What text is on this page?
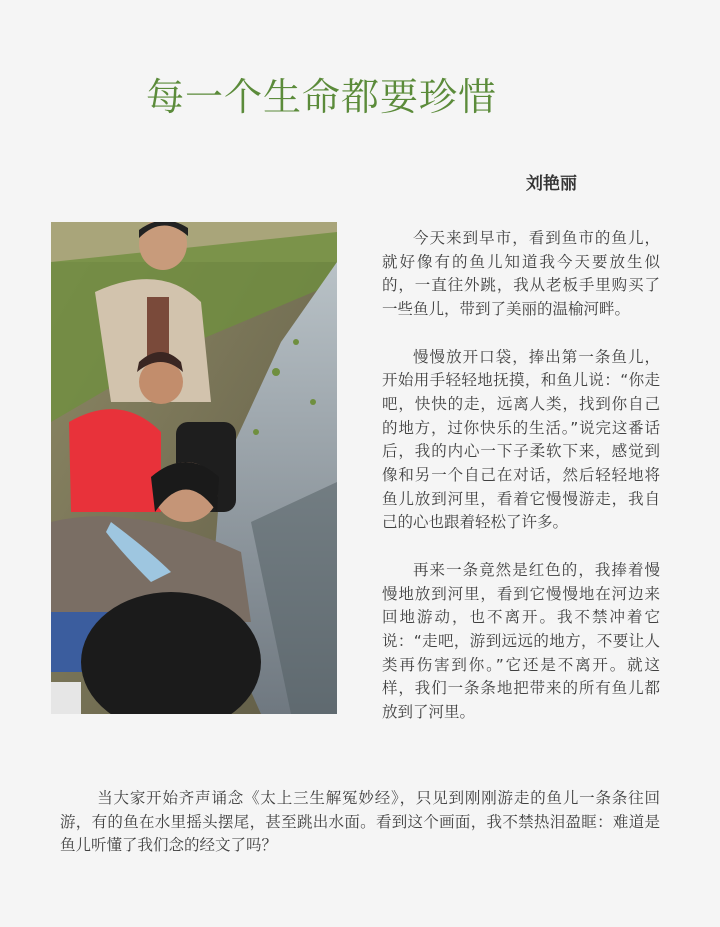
每一个生命都要珍惜
刘艳丽

今天来到早市，看到鱼市的鱼儿，就好像有的鱼儿知道我今天要放生似的，一直往外跳，我从老板手里购买了一些鱼儿，带到了美丽的温榆河畔。

慢慢放开口袋，捧出第一条鱼儿，开始用手轻轻地抚摸，和鱼儿说：“你走吧，快快的走，远离人类，找到你自己的地方，过你快乐的生活。”说完这番话后，我的内心一下子柔软下来，感觉到像和另一个自己在对话，然后轻轻地将鱼儿放到河里，看着它慢慢游走，我自己的心也跟着轻松了许多。

再来一条竟然是红色的，我捧着慢慢地放到河里，看到它慢慢地在河边来回地游动，也不离开。我不禁冲着它说：“走吧，游到远远的地方，不要让人类再伤害到你。”它还是不离开。就这样，我们一条条地把带来的所有鱼儿都放到了河里。

当大家开始齐声诵念《太上三生解冤妙经》，只见到刚刚游走的鱼儿一条条往回游，有的鱼在水里摇头摆尾，甚至跳出水面。看到这个画面，我不禁热泪盈眶：难道是鱼儿听懂了我们念的经文了吗？
